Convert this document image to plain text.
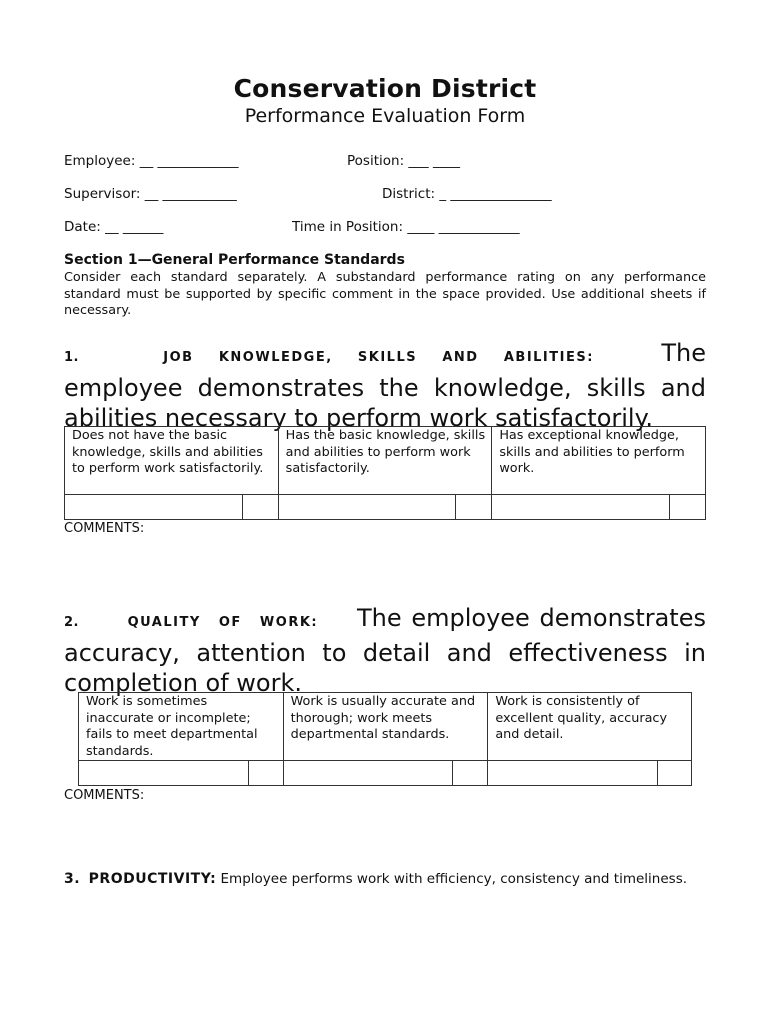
Conservation District
Performance Evaluation Form
Employee: __ ____________	Position: ___ ____
Supervisor: __ ___________	District: _ _______________
Date: __ ______	Time in Position: ____ ____________
Section 1—General Performance Standards
Consider each standard separately. A substandard performance rating on any performance standard must be supported by specific comment in the space provided. Use additional sheets if necessary.
1.	JOB KNOWLEDGE, SKILLS AND ABILITIES:	The employee demonstrates the knowledge, skills and abilities necessary to perform work satisfactorily.
Does not have the basic knowledge, skills and abilities to perform work satisfactorily.		Has the basic knowledge, skills and abilities to perform work satisfactorily.		Has exceptional knowledge, skills and abilities to perform work.	

COMMENTS:
2.	QUALITY OF WORK: The employee demonstrates accuracy, attention to detail and effectiveness in completion of work.
Work is sometimes inaccurate or incomplete; fails to meet departmental standards.		Work is usually accurate and thorough; work meets departmental standards.		Work is consistently of excellent quality, accuracy and detail.	

COMMENTS:
3. PRODUCTIVITY: Employee performs work with efficiency, consistency and timeliness.
